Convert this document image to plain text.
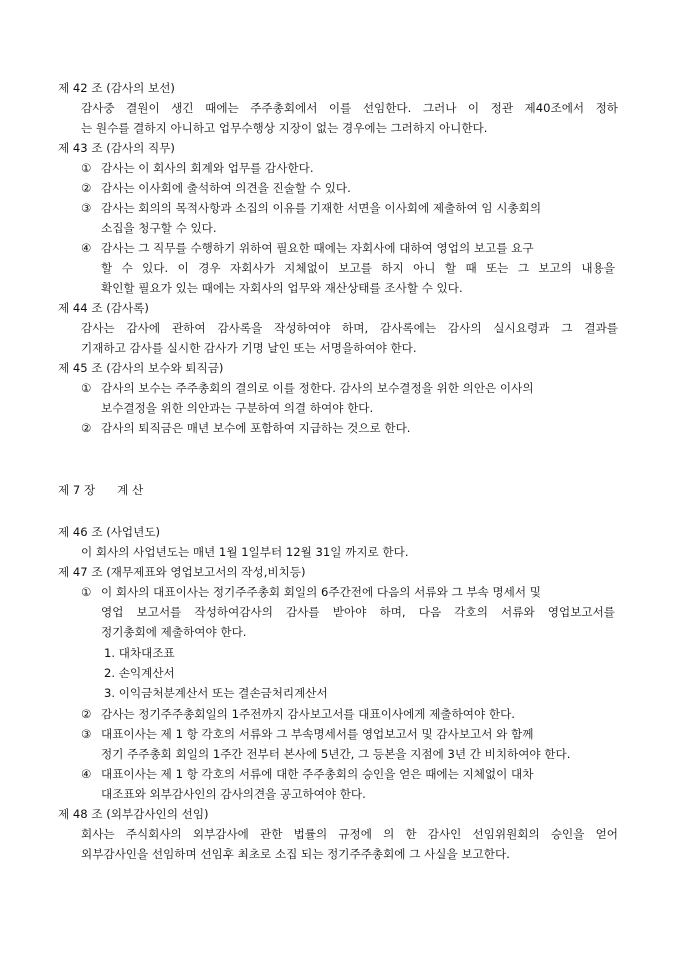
제 42 조 (감사의 보선)
감사중 결원이 생긴 때에는 주주총회에서 이를 선임한다. 그러나 이 정관 제40조에서 정하
는 원수를 결하지 아니하고 업무수행상 지장이 없는 경우에는 그러하지 아니한다.
제 43 조 (감사의 직무)
① 감사는 이 회사의 회계와 업무를 감사한다.
② 감사는 이사회에 출석하여 의견을 진술할 수 있다.
③ 감사는 회의의 목적사항과 소집의 이유를 기재한 서면을 이사회에 제출하여 임 시총회의
소집을 청구할 수 있다.
④ 감사는 그 직무를 수행하기 위하여 필요한 때에는 자회사에 대하여 영업의 보고를 요구
할 수 있다. 이 경우 자회사가 지체없이 보고를 하지 아니 할 때 또는 그 보고의 내용을
확인할 필요가 있는 때에는 자회사의 업무와 재산상태를 조사할 수 있다.
제 44 조 (감사록)
감사는 감사에 관하여 감사록을 작성하여야 하며, 감사록에는 감사의 실시요령과 그 결과를
기재하고 감사를 실시한 감사가 기명 날인 또는 서명을하여야 한다.
제 45 조 (감사의 보수와 퇴직금)
① 감사의 보수는 주주총회의 결의로 이를 정한다. 감사의 보수결정을 위한 의안은 이사의
보수결정을 위한 의안과는 구분하여 의결 하여야 한다.
② 감사의 퇴직금은 매년 보수에 포함하여 지급하는 것으로 한다.
제 7 장 계 산
제 46 조 (사업년도)
이 회사의 사업년도는 매년 1월 1일부터 12월 31일 까지로 한다.
제 47 조 (재무제표와 영업보고서의 작성,비치등)
① 이 회사의 대표이사는 정기주주총회 회일의 6주간전에 다음의 서류와 그 부속 명세서 및
영업 보고서를 작성하여감사의 감사를 받아야 하며, 다음 각호의 서류와 영업보고서를
정기총회에 제출하여야 한다.
1. 대차대조표
2. 손익계산서
3. 이익금처분계산서 또는 결손금처리계산서
② 감사는 정기주주총회일의 1주전까지 감사보고서를 대표이사에게 제출하여야 한다.
③ 대표이사는 제 1 항 각호의 서류와 그 부속명세서를 영업보고서 및 감사보고서 와 함께
정기 주주총회 회일의 1주간 전부터 본사에 5년간, 그 등본을 지점에 3년 간 비치하여야 한다.
④ 대표이사는 제 1 항 각호의 서류에 대한 주주총회의 승인을 얻은 때에는 지체없이 대차
대조표와 외부감사인의 감사의견을 공고하여야 한다.
제 48 조 (외부감사인의 선임)
회사는 주식회사의 외부감사에 관한 법률의 규정에 의 한 감사인 선임위원회의 승인을 얻어
외부감사인을 선임하며 선임후 최초로 소집 되는 정기주주총회에 그 사실을 보고한다.
